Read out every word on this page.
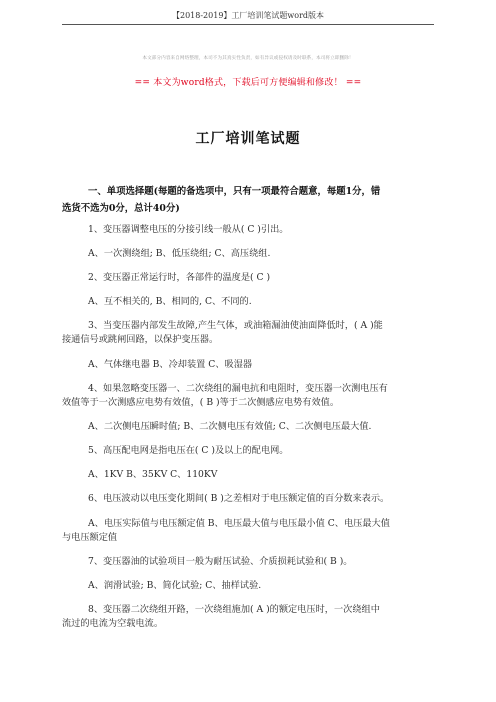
【2018-2019】工厂培训笔试题word版本
本文部分内容来自网络整理，本司不为其真实性负责，如有异议或侵权请及时联系，本司将立即删除！
== 本文为word格式，下载后可方便编辑和修改！ ==
工厂培训笔试题
一、单项选择题(每题的备选项中，只有一项最符合题意，每题1分，错
选货不选为0分，总计40分)
1、变压器调整电压的分接引线一般从( C )引出。
A、一次测绕组; B、低压绕组; C、高压绕组.
2、变压器正常运行时，各部件的温度是( C )
A、互不相关的, B、相同的, C、不同的.
3、当变压器内部发生故障,产生气体，或油箱漏油使油面降低时，( A )能
接通信号或跳闸回路，以保护变压器。
A、气体继电器 B、冷却装置 C、吸湿器
4、如果忽略变压器一、二次绕组的漏电抗和电阻时，变压器一次测电压有
效值等于一次测感应电势有效值，( B )等于二次侧感应电势有效值。
A、二次侧电压瞬时值; B、二次侧电压有效值; C、二次侧电压最大值.
5、高压配电网是指电压在( C )及以上的配电网。
A、1KV B、35KV C、110KV
6、电压波动以电压变化期间( B )之差相对于电压额定值的百分数来表示。
A、电压实际值与电压额定值 B、电压最大值与电压最小值 C、电压最大值
与电压额定值
7、变压器油的试验项目一般为耐压试验、介质损耗试验和( B )。
A、润滑试验; B、简化试验; C、抽样试验.
8、变压器二次绕组开路，一次绕组施加( A )的额定电压时，一次绕组中
流过的电流为空载电流。
